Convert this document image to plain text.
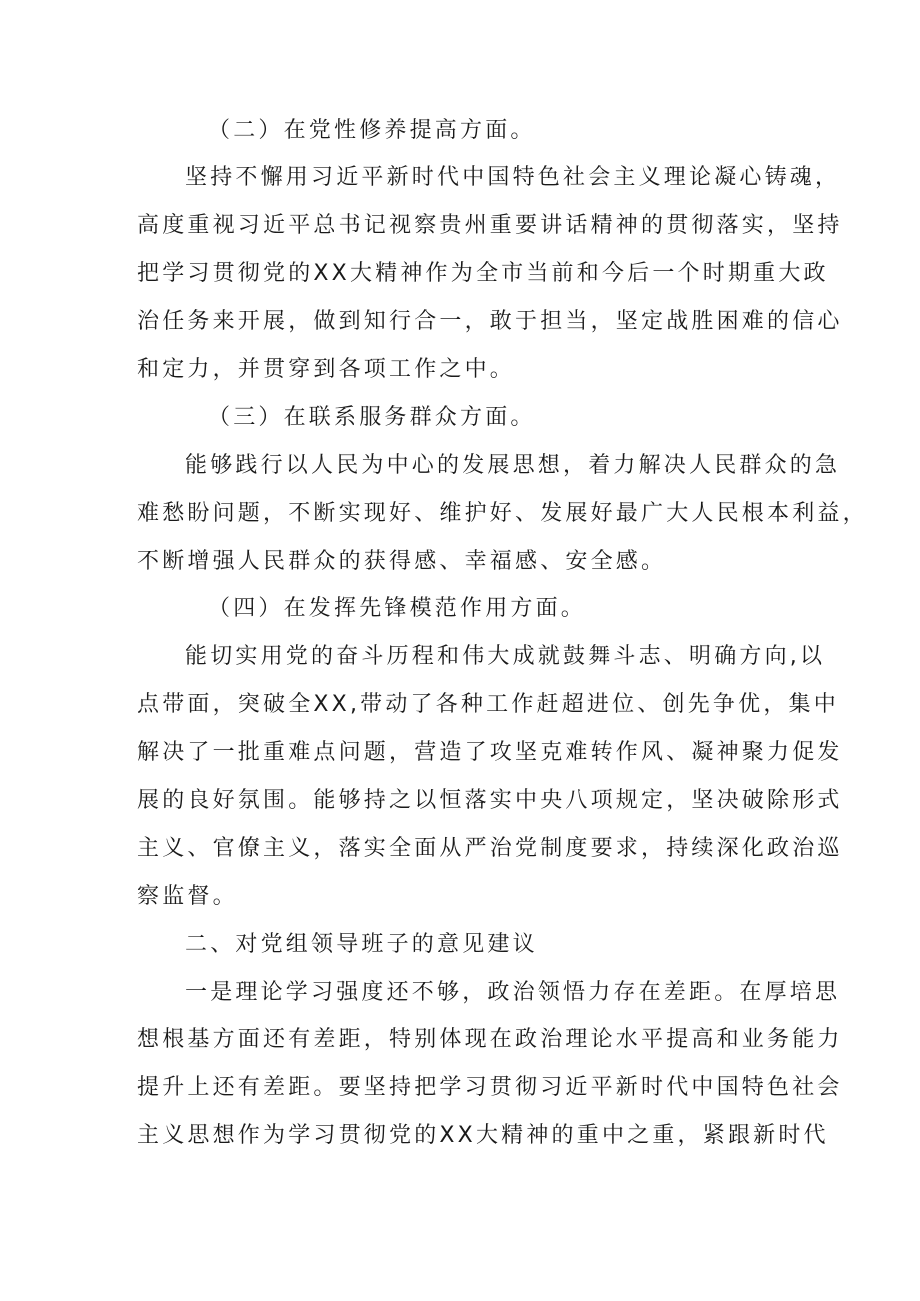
（二）在党性修养提高方面。
坚持不懈用习近平新时代中国特色社会主义理论凝心铸魂，
高度重视习近平总书记视察贵州重要讲话精神的贯彻落实，坚持
把学习贯彻党的XX大精神作为全市当前和今后一个时期重大政
治任务来开展，做到知行合一，敢于担当，坚定战胜困难的信心
和定力，并贯穿到各项工作之中。
（三）在联系服务群众方面。
能够践行以人民为中心的发展思想，着力解决人民群众的急
难愁盼问题，不断实现好、维护好、发展好最广大人民根本利益，
不断增强人民群众的获得感、幸福感、安全感。
（四）在发挥先锋模范作用方面。
能切实用党的奋斗历程和伟大成就鼓舞斗志、明确方向,以
点带面，突破全XX,带动了各种工作赶超进位、创先争优，集中
解决了一批重难点问题，营造了攻坚克难转作风、凝神聚力促发
展的良好氛围。能够持之以恒落实中央八项规定，坚决破除形式
主义、官僚主义，落实全面从严治党制度要求，持续深化政治巡
察监督。
二、对党组领导班子的意见建议
一是理论学习强度还不够，政治领悟力存在差距。在厚培思
想根基方面还有差距，特别体现在政治理论水平提高和业务能力
提升上还有差距。要坚持把学习贯彻习近平新时代中国特色社会
主义思想作为学习贯彻党的XX大精神的重中之重，紧跟新时代
